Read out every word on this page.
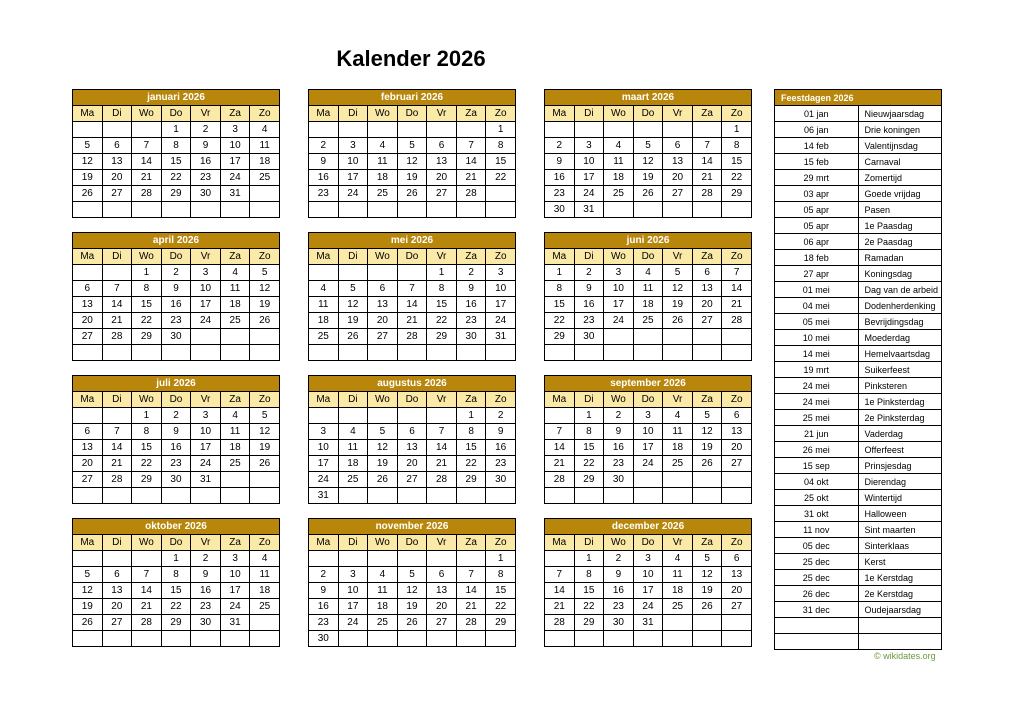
Kalender 2026
januari 2026						
Ma	Di	Wo	Do	Vr	Za	Zo
			1	2	3	4
5	6	7	8	9	10	11
12	13	14	15	16	17	18
19	20	21	22	23	24	25
26	27	28	29	30	31	

februari 2026						
Ma	Di	Wo	Do	Vr	Za	Zo
						1
2	3	4	5	6	7	8
9	10	11	12	13	14	15
16	17	18	19	20	21	22
23	24	25	26	27	28	

maart 2026						
Ma	Di	Wo	Do	Vr	Za	Zo
						1
2	3	4	5	6	7	8
9	10	11	12	13	14	15
16	17	18	19	20	21	22
23	24	25	26	27	28	29
30	31					
april 2026						
Ma	Di	Wo	Do	Vr	Za	Zo
		1	2	3	4	5
6	7	8	9	10	11	12
13	14	15	16	17	18	19
20	21	22	23	24	25	26
27	28	29	30			

mei 2026						
Ma	Di	Wo	Do	Vr	Za	Zo
				1	2	3
4	5	6	7	8	9	10
11	12	13	14	15	16	17
18	19	20	21	22	23	24
25	26	27	28	29	30	31

juni 2026						
Ma	Di	Wo	Do	Vr	Za	Zo
1	2	3	4	5	6	7
8	9	10	11	12	13	14
15	16	17	18	19	20	21
22	23	24	25	26	27	28
29	30					

juli 2026						
Ma	Di	Wo	Do	Vr	Za	Zo
		1	2	3	4	5
6	7	8	9	10	11	12
13	14	15	16	17	18	19
20	21	22	23	24	25	26
27	28	29	30	31		

augustus 2026						
Ma	Di	Wo	Do	Vr	Za	Zo
					1	2
3	4	5	6	7	8	9
10	11	12	13	14	15	16
17	18	19	20	21	22	23
24	25	26	27	28	29	30
31						
september 2026						
Ma	Di	Wo	Do	Vr	Za	Zo
	1	2	3	4	5	6
7	8	9	10	11	12	13
14	15	16	17	18	19	20
21	22	23	24	25	26	27
28	29	30				

oktober 2026						
Ma	Di	Wo	Do	Vr	Za	Zo
			1	2	3	4
5	6	7	8	9	10	11
12	13	14	15	16	17	18
19	20	21	22	23	24	25
26	27	28	29	30	31	

november 2026						
Ma	Di	Wo	Do	Vr	Za	Zo
						1
2	3	4	5	6	7	8
9	10	11	12	13	14	15
16	17	18	19	20	21	22
23	24	25	26	27	28	29
30						
december 2026						
Ma	Di	Wo	Do	Vr	Za	Zo
	1	2	3	4	5	6
7	8	9	10	11	12	13
14	15	16	17	18	19	20
21	22	23	24	25	26	27
28	29	30	31			

Feestdagen 2026	
01 jan	Nieuwjaarsdag
06 jan	Drie koningen
14 feb	Valentijnsdag
15 feb	Carnaval
29 mrt	Zomertijd
03 apr	Goede vrijdag
05 apr	Pasen
05 apr	1e Paasdag
06 apr	2e Paasdag
18 feb	Ramadan
27 apr	Koningsdag
01 mei	Dag van de arbeid
04 mei	Dodenherdenking
05 mei	Bevrijdingsdag
10 mei	Moederdag
14 mei	Hemelvaartsdag
19 mrt	Suikerfeest
24 mei	Pinksteren
24 mei	1e Pinksterdag
25 mei	2e Pinksterdag
21 jun	Vaderdag
26 mei	Offerfeest
15 sep	Prinsjesdag
04 okt	Dierendag
25 okt	Wintertijd
31 okt	Halloween
11 nov	Sint maarten
05 dec	Sinterklaas
25 dec	Kerst
25 dec	1e Kerstdag
26 dec	2e Kerstdag
31 dec	Oudejaarsdag

© wikidates.org
